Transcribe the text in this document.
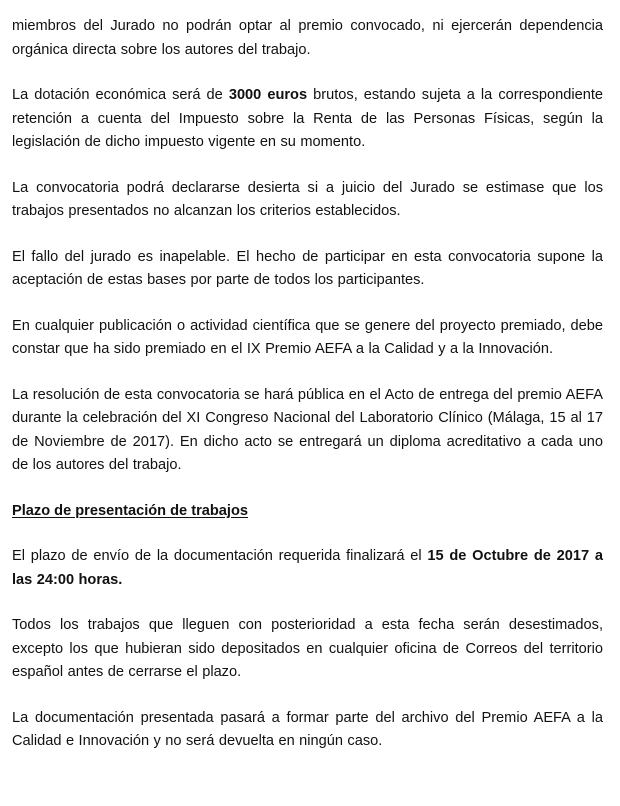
miembros del Jurado no podrán optar al premio convocado, ni ejercerán dependencia orgánica directa sobre los autores del trabajo.

La dotación económica será de 3000 euros brutos, estando sujeta a la correspondiente retención a cuenta del Impuesto sobre la Renta de las Personas Físicas, según la legislación de dicho impuesto vigente en su momento.

La convocatoria podrá declararse desierta si a juicio del Jurado se estimase que los trabajos presentados no alcanzan los criterios establecidos.

El fallo del jurado es inapelable. El hecho de participar en esta convocatoria supone la aceptación de estas bases por parte de todos los participantes.

En cualquier publicación o actividad científica que se genere del proyecto premiado, debe constar que ha sido premiado en el IX Premio AEFA a la Calidad y a la Innovación.

La resolución de esta convocatoria se hará pública en el Acto de entrega del premio AEFA durante la celebración del XI Congreso Nacional del Laboratorio Clínico (Málaga, 15 al 17 de Noviembre de 2017). En dicho acto se entregará un diploma acreditativo a cada uno de los autores del trabajo.

Plazo de presentación de trabajos

El plazo de envío de la documentación requerida finalizará el 15 de Octubre de 2017 a las 24:00 horas.

Todos los trabajos que lleguen con posterioridad a esta fecha serán desestimados, excepto los que hubieran sido depositados en cualquier oficina de Correos del territorio español antes de cerrarse el plazo.

La documentación presentada pasará a formar parte del archivo del Premio AEFA a la Calidad e Innovación y no será devuelta en ningún caso.
